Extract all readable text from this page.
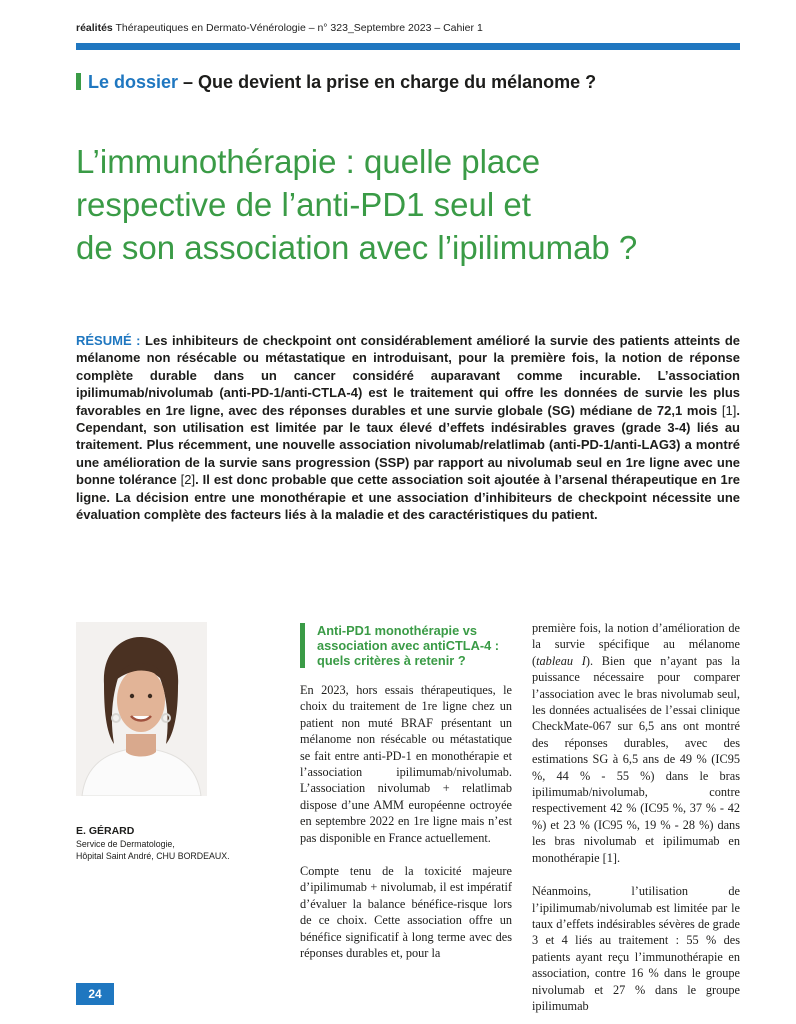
réalités Thérapeutiques en Dermato-Vénérologie – n° 323_Septembre 2023 – Cahier 1
Le dossier – Que devient la prise en charge du mélanome ?
L’immunothérapie : quelle place
respective de l’anti-PD1 seul et
de son association avec l’ipilimumab ?

RÉSUMÉ : Les inhibiteurs de checkpoint ont considérablement amélioré la survie des patients atteints de mélanome non résécable ou métastatique en introduisant, pour la première fois, la notion de réponse complète durable dans un cancer considéré auparavant comme incurable. L’association ipilimumab/nivolumab (anti-PD-1/anti-CTLA-4) est le traitement qui offre les données de survie les plus favorables en 1re ligne, avec des réponses durables et une survie globale (SG) médiane de 72,1 mois [1]. Cependant, son utilisation est limitée par le taux élevé d’effets indésirables graves (grade 3-4) liés au traitement. Plus récemment, une nouvelle association nivolumab/relatlimab (anti-PD-1/anti-LAG3) a montré une amélioration de la survie sans progression (SSP) par rapport au nivolumab seul en 1re ligne avec une bonne tolérance [2]. Il est donc probable que cette association soit ajoutée à l’arsenal thérapeutique en 1re ligne. La décision entre une monothérapie et une association d’inhibiteurs de checkpoint nécessite une évaluation complète des facteurs liés à la maladie et des caractéristiques du patient.

E. GÉRARD
Service de Dermatologie,
Hôpital Saint André, CHU BORDEAUX.
Anti-PD1 monothérapie vs association avec antiCTLA-4 : quels critères à retenir ?

En 2023, hors essais thérapeutiques, le choix du traitement de 1re ligne chez un patient non muté BRAF présentant un mélanome non résécable ou métastatique se fait entre anti-PD-1 en monothérapie et l’association ipilimumab/nivolumab. L’association nivolumab + relatlimab dispose d’une AMM européenne octroyée en septembre 2022 en 1re ligne mais n’est pas disponible en France actuellement.

Compte tenu de la toxicité majeure d’ipilimumab + nivolumab, il est impératif d’évaluer la balance bénéfice-risque lors de ce choix. Cette association offre un bénéfice significatif à long terme avec des réponses durables et, pour la

première fois, la notion d’amélioration de la survie spécifique au mélanome (tableau I). Bien que n’ayant pas la puissance nécessaire pour comparer l’association avec le bras nivolumab seul, les données actualisées de l’essai clinique CheckMate-067 sur 6,5 ans ont montré des réponses durables, avec des estimations SG à 6,5 ans de 49 % (IC95 %, 44 % - 55 %) dans le bras ipilimumab/nivolumab, contre respectivement 42 % (IC95 %, 37 % - 42 %) et 23 % (IC95 %, 19 % - 28 %) dans les bras nivolumab et ipilimumab en monothérapie [1].

Néanmoins, l’utilisation de l’ipilimumab/nivolumab est limitée par le taux d’effets indésirables sévères de grade 3 et 4 liés au traitement : 55 % des patients ayant reçu l’immunothérapie en association, contre 16 % dans le groupe nivolumab et 27 % dans le groupe ipilimumab

24
